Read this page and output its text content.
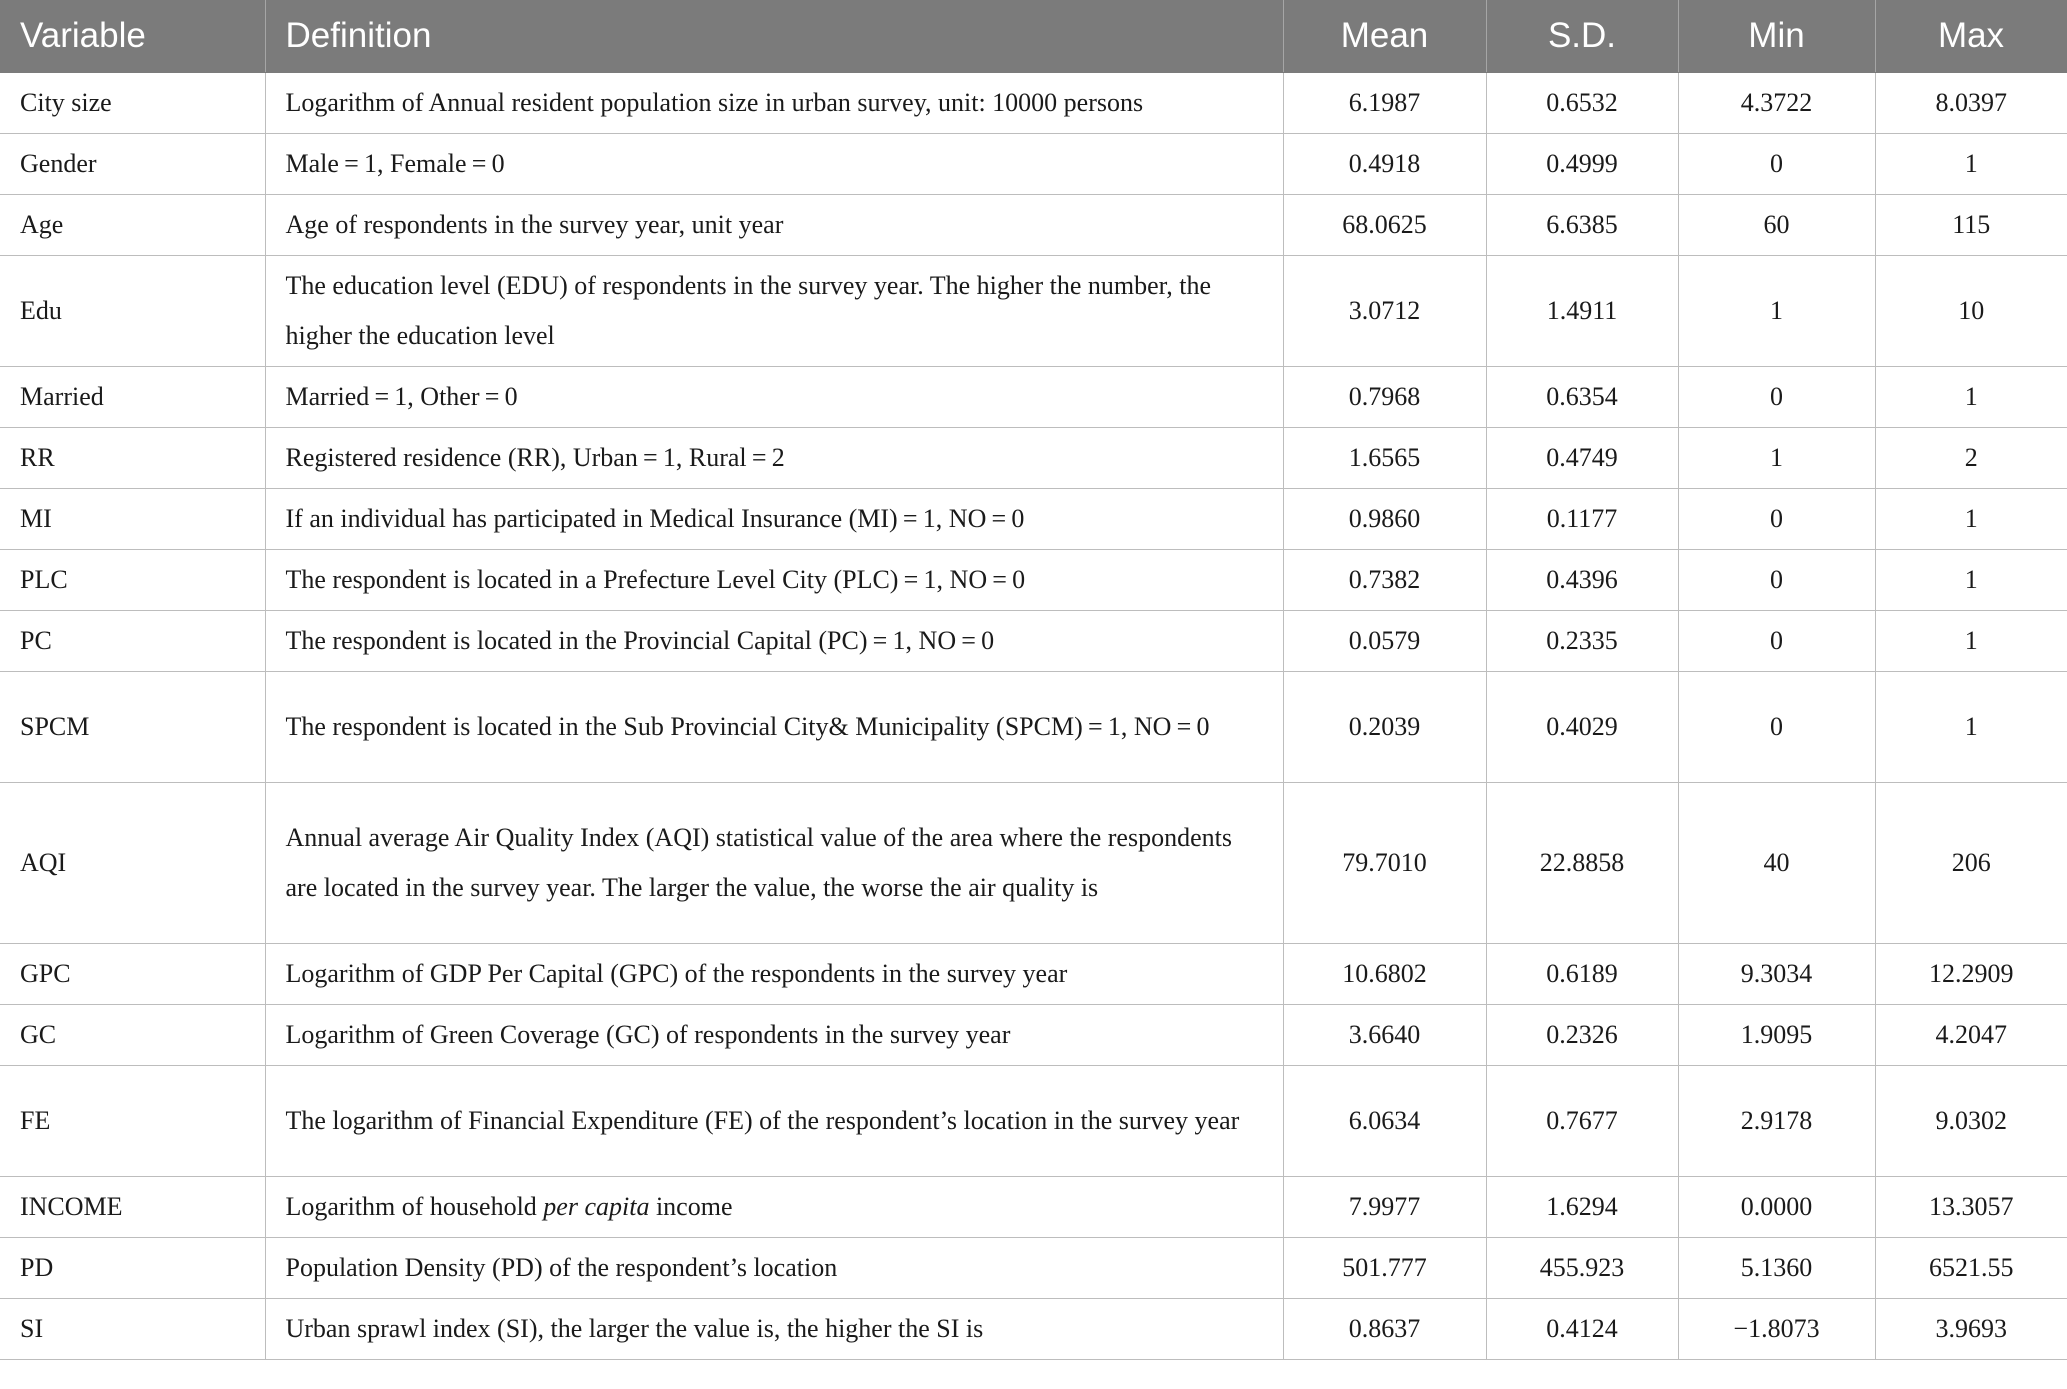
Variable	Definition	Mean	S.D.	Min	Max
City size	Logarithm of Annual resident population size in urban survey, unit: 10000 persons	6.1987	0.6532	4.3722	8.0397
Gender	Male = 1, Female = 0	0.4918	0.4999	0	1
Age	Age of respondents in the survey year, unit year	68.0625	6.6385	60	115
Edu	The education level (EDU) of respondents in the survey year. The higher the number, the higher the education level	3.0712	1.4911	1	10
Married	Married = 1, Other = 0	0.7968	0.6354	0	1
RR	Registered residence (RR), Urban = 1, Rural = 2	1.6565	0.4749	1	2
MI	If an individual has participated in Medical Insurance (MI) = 1, NO = 0	0.9860	0.1177	0	1
PLC	The respondent is located in a Prefecture Level City (PLC) = 1, NO = 0	0.7382	0.4396	0	1
PC	The respondent is located in the Provincial Capital (PC) = 1, NO = 0	0.0579	0.2335	0	1
SPCM	The respondent is located in the Sub Provincial City& Municipality (SPCM) = 1, NO = 0	0.2039	0.4029	0	1
AQI	Annual average Air Quality Index (AQI) statistical value of the area where the respondents are located in the survey year. The larger the value, the worse the air quality is	79.7010	22.8858	40	206
GPC	Logarithm of GDP Per Capital (GPC) of the respondents in the survey year	10.6802	0.6189	9.3034	12.2909
GC	Logarithm of Green Coverage (GC) of respondents in the survey year	3.6640	0.2326	1.9095	4.2047
FE	The logarithm of Financial Expenditure (FE) of the respondent’s location in the survey year	6.0634	0.7677	2.9178	9.0302
INCOME	Logarithm of household per capita income	7.9977	1.6294	0.0000	13.3057
PD	Population Density (PD) of the respondent’s location	501.777	455.923	5.1360	6521.55
SI	Urban sprawl index (SI), the larger the value is, the higher the SI is	0.8637	0.4124	−1.8073	3.9693
